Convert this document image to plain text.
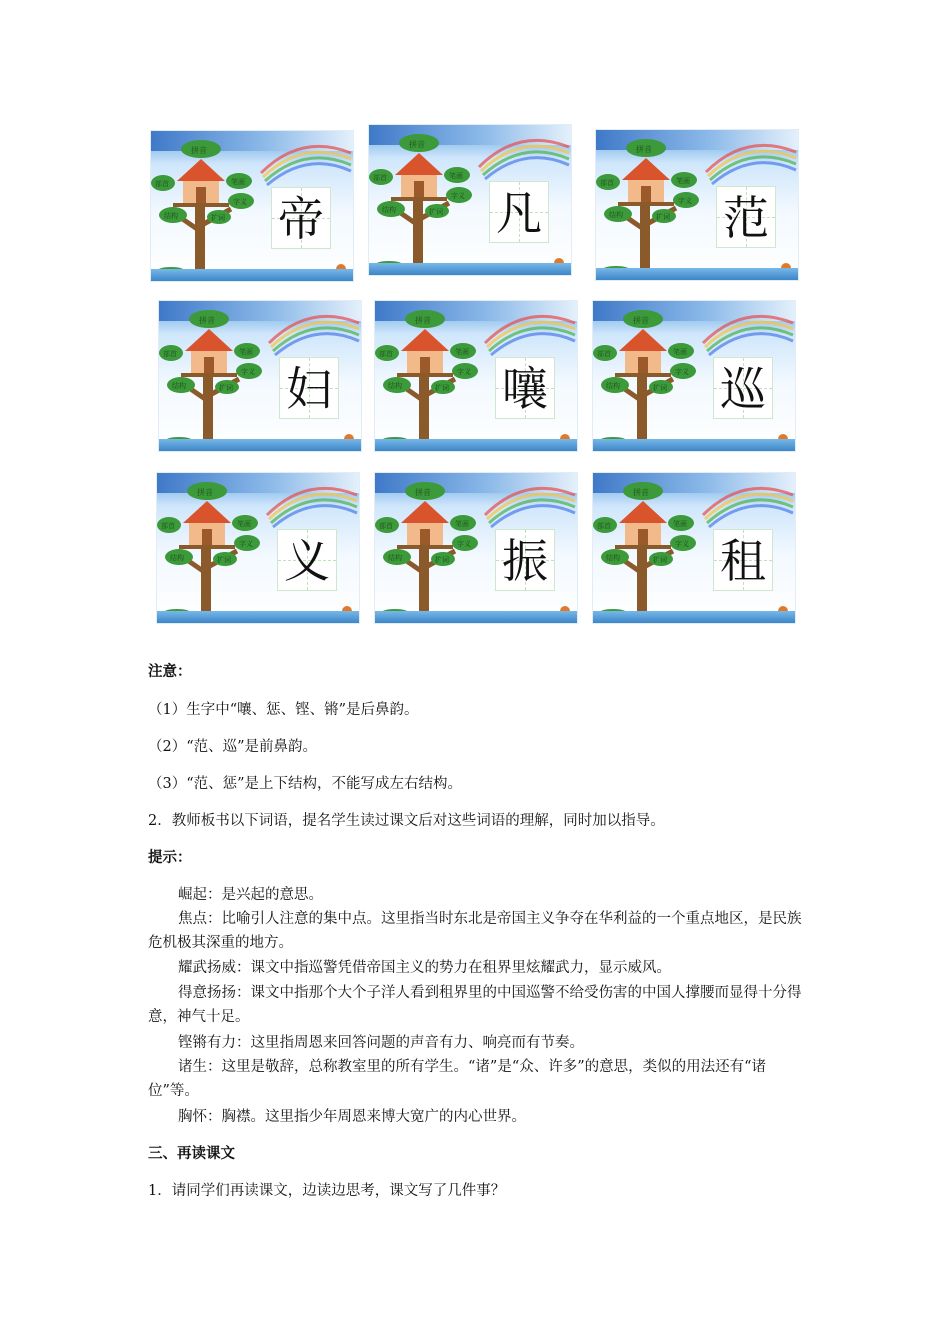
拼音
部首	笔画
字义
结构	扩词 帝
拼音
部首	笔画
字义
结构	扩词 凡
拼音
部首	笔画
字义
结构	扩词 范
拼音
部首	笔画
字义
结构	扩词 妇
拼音
部首	笔画
字义
结构	扩词 嚷
拼音
部首	笔画
字义
结构	扩词 巡
拼音
部首	笔画
字义
结构	扩词 义
拼音
部首	笔画
字义
结构	扩词 振
拼音
部首	笔画
字义
结构	扩词 租
注意：
（1）生字中“嚷、惩、铿、锵”是后鼻韵。
（2）“范、巡”是前鼻韵。
（3）“范、惩”是上下结构，不能写成左右结构。
2．教师板书以下词语，提名学生读过课文后对这些词语的理解，同时加以指导。
提示：
崛起：是兴起的意思。
焦点：比喻引人注意的集中点。这里指当时东北是帝国主义争夺在华利益的一个重点地区，是民族危机极其深重的地方。
耀武扬威：课文中指巡警凭借帝国主义的势力在租界里炫耀武力，显示威风。
得意扬扬：课文中指那个大个子洋人看到租界里的中国巡警不给受伤害的中国人撑腰而显得十分得意，神气十足。
铿锵有力：这里指周恩来回答问题的声音有力、响亮而有节奏。
诸生：这里是敬辞，总称教室里的所有学生。“诸”是“众、许多”的意思，类似的用法还有“诸位”等。
胸怀：胸襟。这里指少年周恩来博大宽广的内心世界。
三、再读课文
1．请同学们再读课文，边读边思考，课文写了几件事？
